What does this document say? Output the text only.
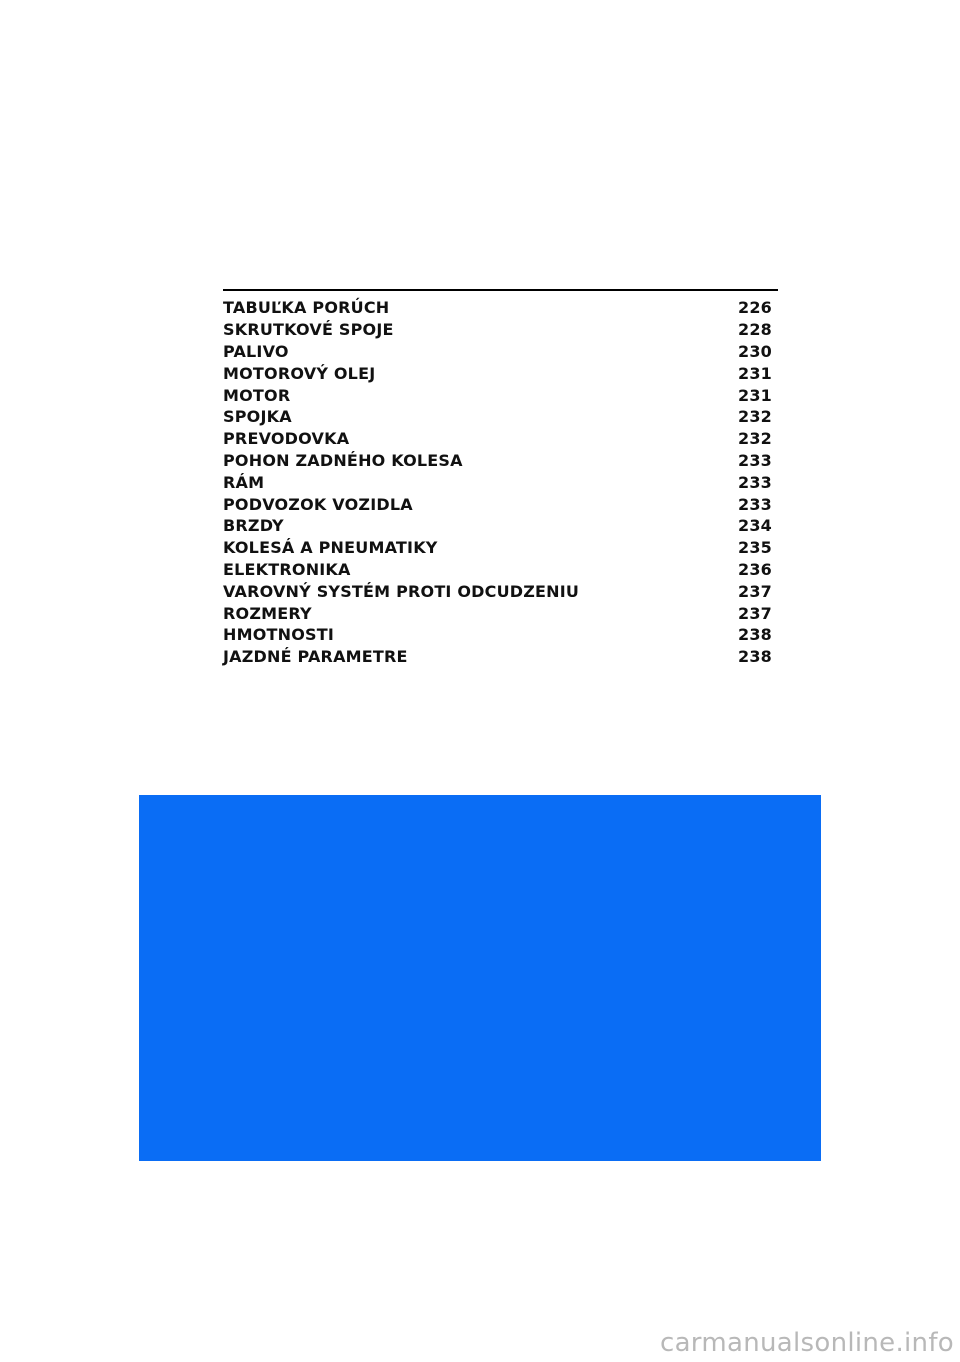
TABUĽKA PORÚCH	226
SKRUTKOVÉ SPOJE	228
PALIVO	230
MOTOROVÝ OLEJ	231
MOTOR	231
SPOJKA	232
PREVODOVKA	232
POHON ZADNÉHO KOLESA	233
RÁM	233
PODVOZOK VOZIDLA	233
BRZDY	234
KOLESÁ A PNEUMATIKY	235
ELEKTRONIKA	236
VAROVNÝ SYSTÉM PROTI ODCUDZENIU	237
ROZMERY	237
HMOTNOSTI	238
JAZDNÉ PARAMETRE	238
carmanualsonline.info
